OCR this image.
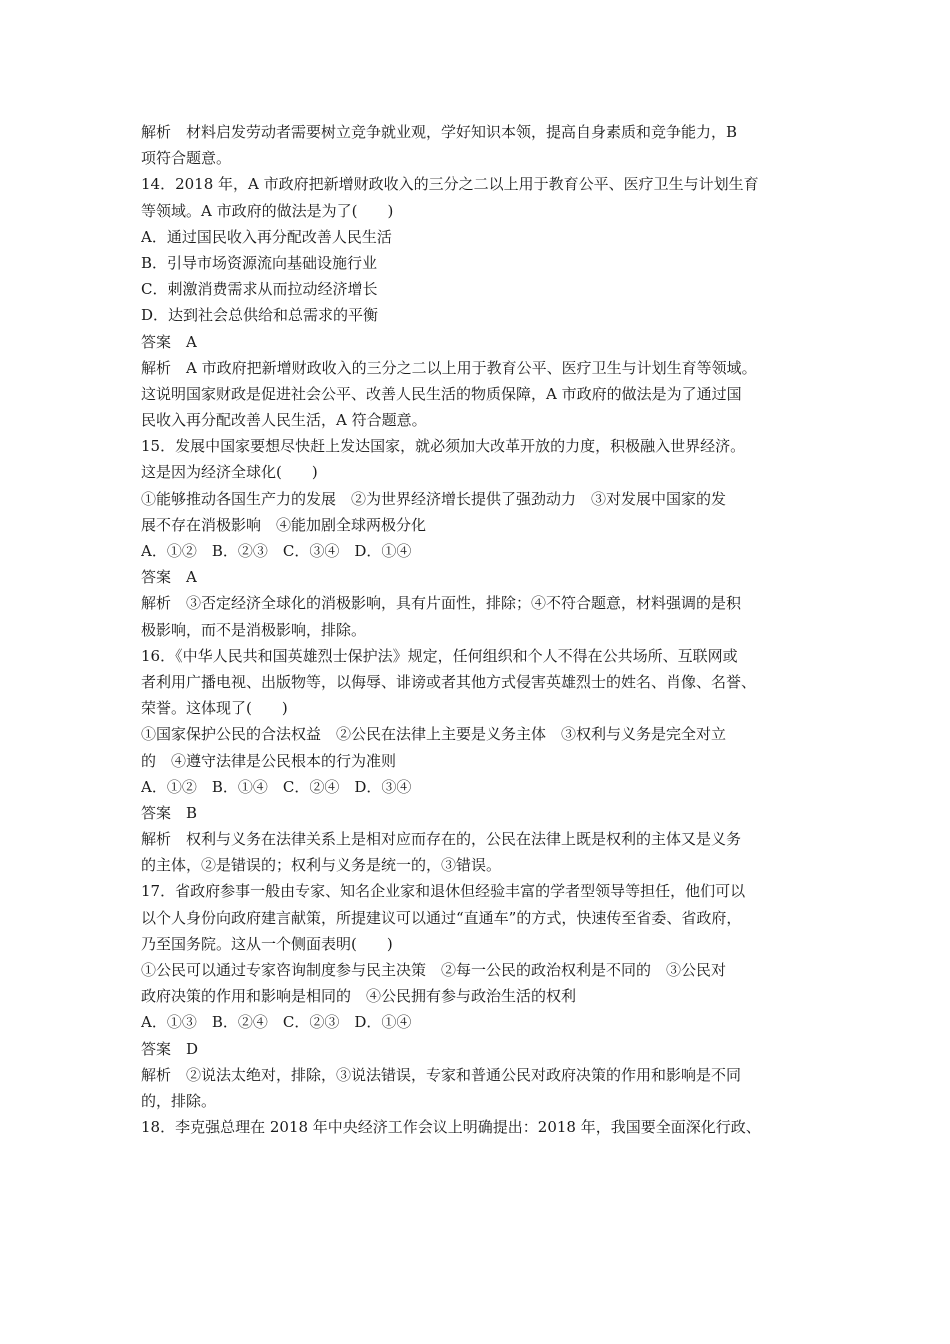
解析　材料启发劳动者需要树立竞争就业观，学好知识本领，提高自身素质和竞争能力，B
项符合题意。
14．2018 年，A 市政府把新增财政收入的三分之二以上用于教育公平、医疗卫生与计划生育
等领域。A 市政府的做法是为了(　　)
A．通过国民收入再分配改善人民生活
B．引导市场资源流向基础设施行业
C．刺激消费需求从而拉动经济增长
D．达到社会总供给和总需求的平衡
答案　A
解析　A 市政府把新增财政收入的三分之二以上用于教育公平、医疗卫生与计划生育等领域。
这说明国家财政是促进社会公平、改善人民生活的物质保障，A 市政府的做法是为了通过国
民收入再分配改善人民生活，A 符合题意。
15．发展中国家要想尽快赶上发达国家，就必须加大改革开放的力度，积极融入世界经济。
这是因为经济全球化(　　)
①能够推动各国生产力的发展　②为世界经济增长提供了强劲动力　③对发展中国家的发
展不存在消极影响　④能加剧全球两极分化
A．①②　B．②③　C．③④　D．①④
答案　A
解析　③否定经济全球化的消极影响，具有片面性，排除；④不符合题意，材料强调的是积
极影响，而不是消极影响，排除。
16．《中华人民共和国英雄烈士保护法》规定，任何组织和个人不得在公共场所、互联网或
者利用广播电视、出版物等，以侮辱、诽谤或者其他方式侵害英雄烈士的姓名、肖像、名誉、
荣誉。这体现了(　　)
①国家保护公民的合法权益　②公民在法律上主要是义务主体　③权利与义务是完全对立
的　④遵守法律是公民根本的行为准则
A．①②　B．①④　C．②④　D．③④
答案　B
解析　权利与义务在法律关系上是相对应而存在的，公民在法律上既是权利的主体又是义务
的主体，②是错误的；权利与义务是统一的，③错误。
17．省政府参事一般由专家、知名企业家和退休但经验丰富的学者型领导等担任，他们可以
以个人身份向政府建言献策，所提建议可以通过“直通车”的方式，快速传至省委、省政府，
乃至国务院。这从一个侧面表明(　　)
①公民可以通过专家咨询制度参与民主决策　②每一公民的政治权利是不同的　③公民对
政府决策的作用和影响是相同的　④公民拥有参与政治生活的权利
A．①③　B．②④　C．②③　D．①④
答案　D
解析　②说法太绝对，排除，③说法错误，专家和普通公民对政府决策的作用和影响是不同
的，排除。
18．李克强总理在 2018 年中央经济工作会议上明确提出：2018 年，我国要全面深化行政、
